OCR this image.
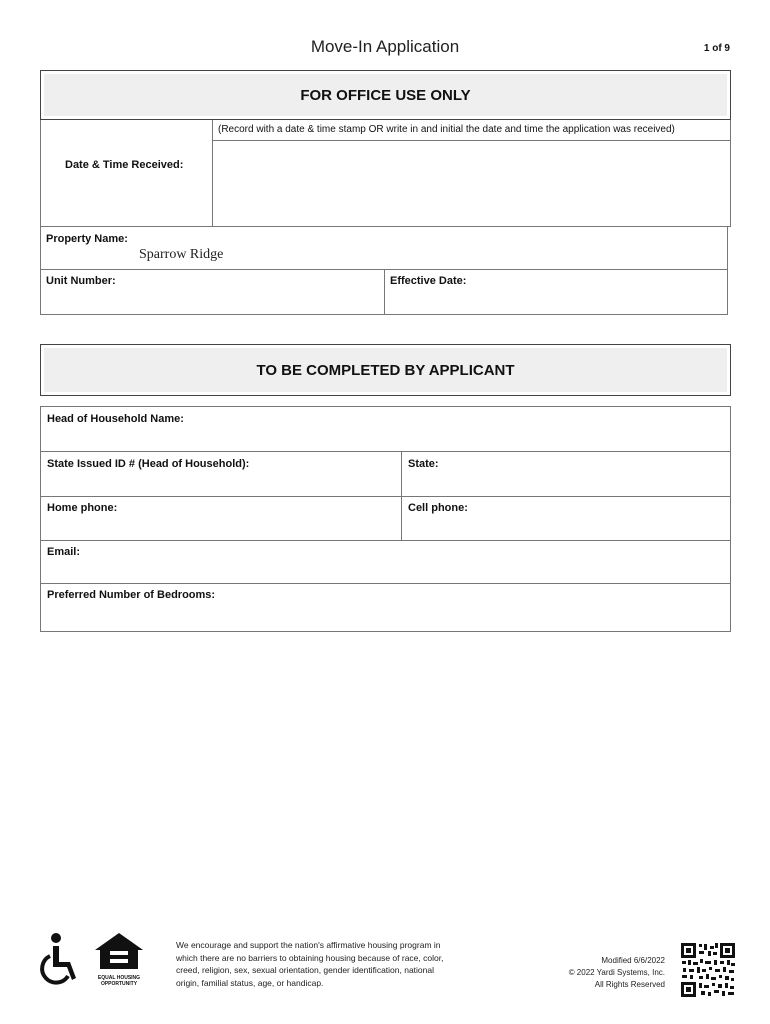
Move-In Application	1 of 9
FOR OFFICE USE ONLY
Date & Time Received:
(Record with a date & time stamp OR write in and initial the date and time the application was received)
Property Name:
Sparrow Ridge
Unit Number:	Effective Date:
TO BE COMPLETED BY APPLICANT
Head of Household Name:
State Issued ID # (Head of Household):	State:
Home phone:	Cell phone:
Email:
Preferred Number of Bedrooms:
EQUAL HOUSING
OPPORTUNITY
We encourage and support the nation's affirmative housing program in
which there are no barriers to obtaining housing because of race, color,
creed, religion, sex, sexual orientation, gender identification, national
origin, familial status, age, or handicap.
Modified 6/6/2022
© 2022 Yardi Systems, Inc.
All Rights Reserved
